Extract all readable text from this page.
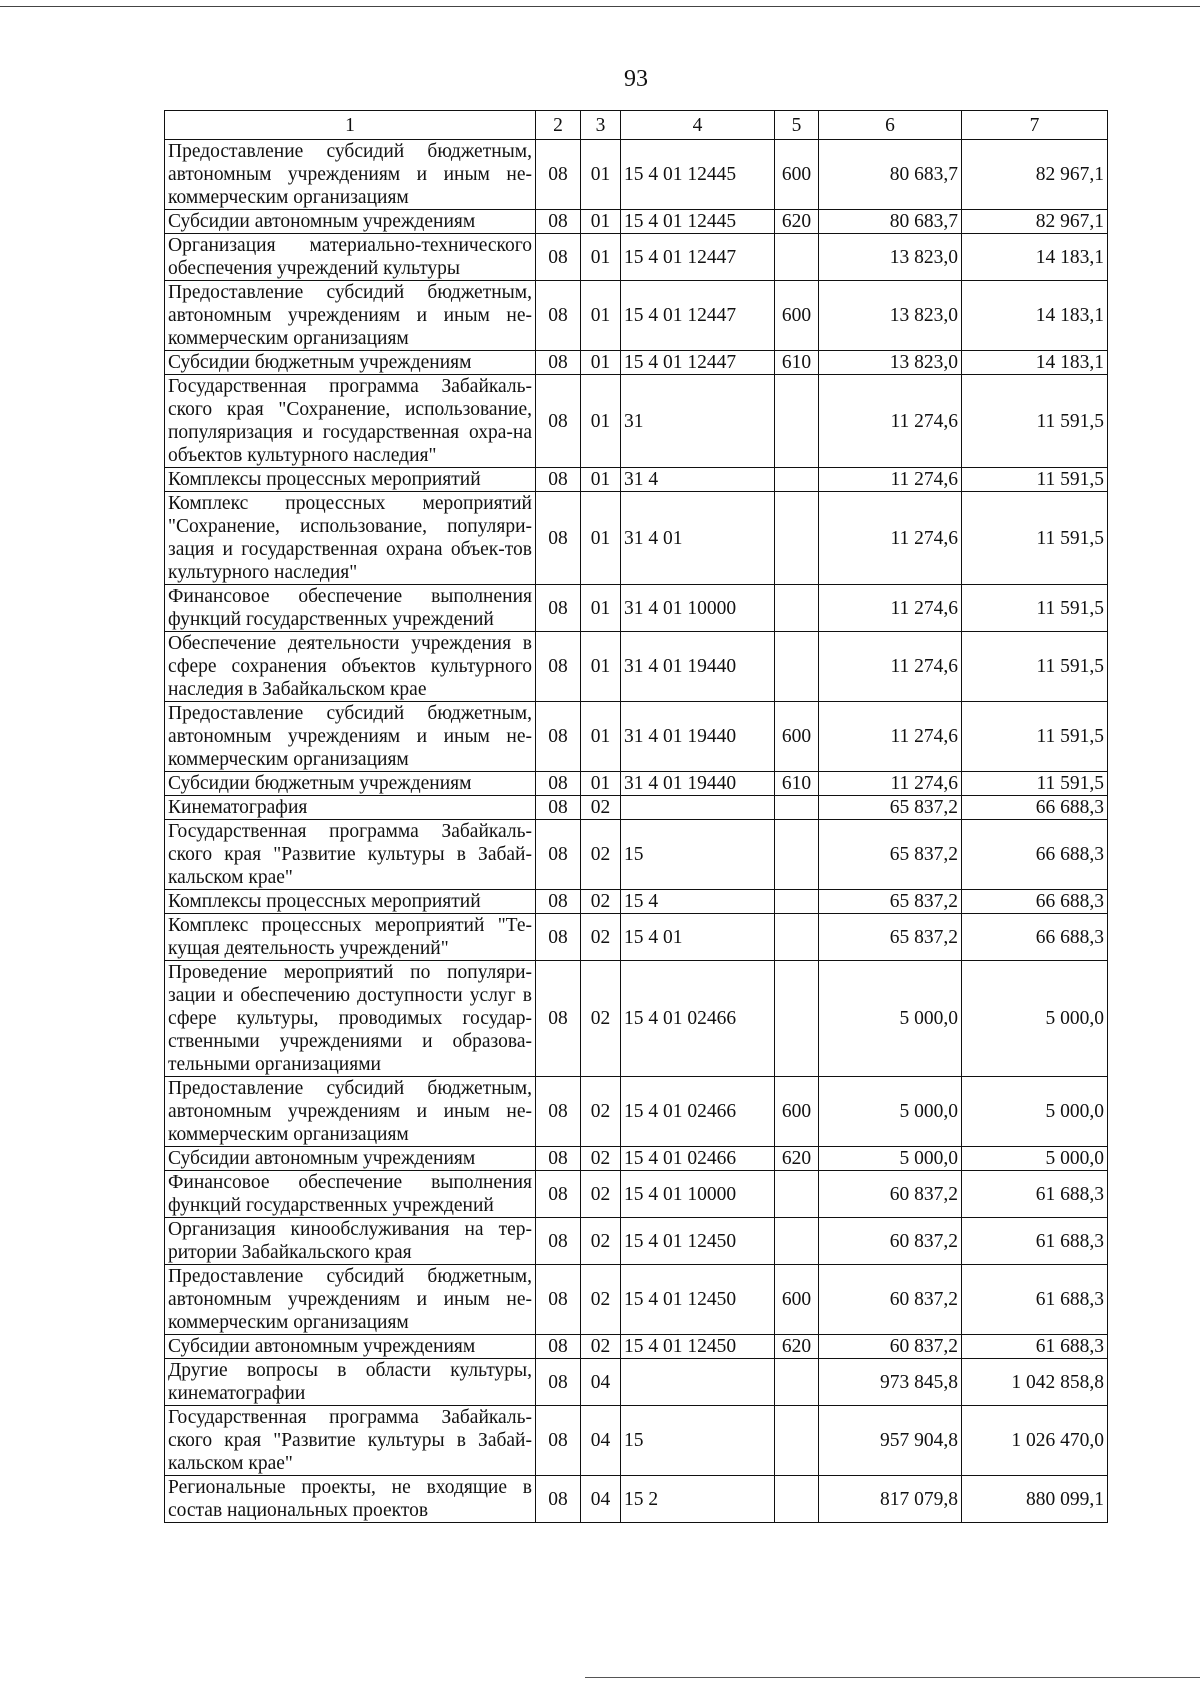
93
1	2	3	4	5	6	7
Предоставление субсидий бюджетным, автономным учреждениям и иным не-коммерческим организациям	08	01	15 4 01 12445	600	80 683,7	82 967,1
Субсидии автономным учреждениям	08	01	15 4 01 12445	620	80 683,7	82 967,1
Организация материально-технического обеспечения учреждений культуры	08	01	15 4 01 12447		13 823,0	14 183,1
Предоставление субсидий бюджетным, автономным учреждениям и иным не-коммерческим организациям	08	01	15 4 01 12447	600	13 823,0	14 183,1
Субсидии бюджетным учреждениям	08	01	15 4 01 12447	610	13 823,0	14 183,1
Государственная программа Забайкаль-ского края "Сохранение, использование, популяризация и государственная охра-на объектов культурного наследия"	08	01	31		11 274,6	11 591,5
Комплексы процессных мероприятий	08	01	31 4		11 274,6	11 591,5
Комплекс процессных мероприятий "Сохранение, использование, популяри-зация и государственная охрана объек-тов культурного наследия"	08	01	31 4 01		11 274,6	11 591,5
Финансовое обеспечение выполнения функций государственных учреждений	08	01	31 4 01 10000		11 274,6	11 591,5
Обеспечение деятельности учреждения в сфере сохранения объектов культурного наследия в Забайкальском крае	08	01	31 4 01 19440		11 274,6	11 591,5
Предоставление субсидий бюджетным, автономным учреждениям и иным не-коммерческим организациям	08	01	31 4 01 19440	600	11 274,6	11 591,5
Субсидии бюджетным учреждениям	08	01	31 4 01 19440	610	11 274,6	11 591,5
Кинематография	08	02			65 837,2	66 688,3
Государственная программа Забайкаль-ского края "Развитие культуры в Забай-кальском крае"	08	02	15		65 837,2	66 688,3
Комплексы процессных мероприятий	08	02	15 4		65 837,2	66 688,3
Комплекс процессных мероприятий "Те-кущая деятельность учреждений"	08	02	15 4 01		65 837,2	66 688,3
Проведение мероприятий по популяри-зации и обеспечению доступности услуг в сфере культуры, проводимых государ-ственными учреждениями и образова-тельными организациями	08	02	15 4 01 02466		5 000,0	5 000,0
Предоставление субсидий бюджетным, автономным учреждениям и иным не-коммерческим организациям	08	02	15 4 01 02466	600	5 000,0	5 000,0
Субсидии автономным учреждениям	08	02	15 4 01 02466	620	5 000,0	5 000,0
Финансовое обеспечение выполнения функций государственных учреждений	08	02	15 4 01 10000		60 837,2	61 688,3
Организация кинообслуживания на тер-ритории Забайкальского края	08	02	15 4 01 12450		60 837,2	61 688,3
Предоставление субсидий бюджетным, автономным учреждениям и иным не-коммерческим организациям	08	02	15 4 01 12450	600	60 837,2	61 688,3
Субсидии автономным учреждениям	08	02	15 4 01 12450	620	60 837,2	61 688,3
Другие вопросы в области культуры, кинематографии	08	04			973 845,8	1 042 858,8
Государственная программа Забайкаль-ского края "Развитие культуры в Забай-кальском крае"	08	04	15		957 904,8	1 026 470,0
Региональные проекты, не входящие в состав национальных проектов	08	04	15 2		817 079,8	880 099,1
